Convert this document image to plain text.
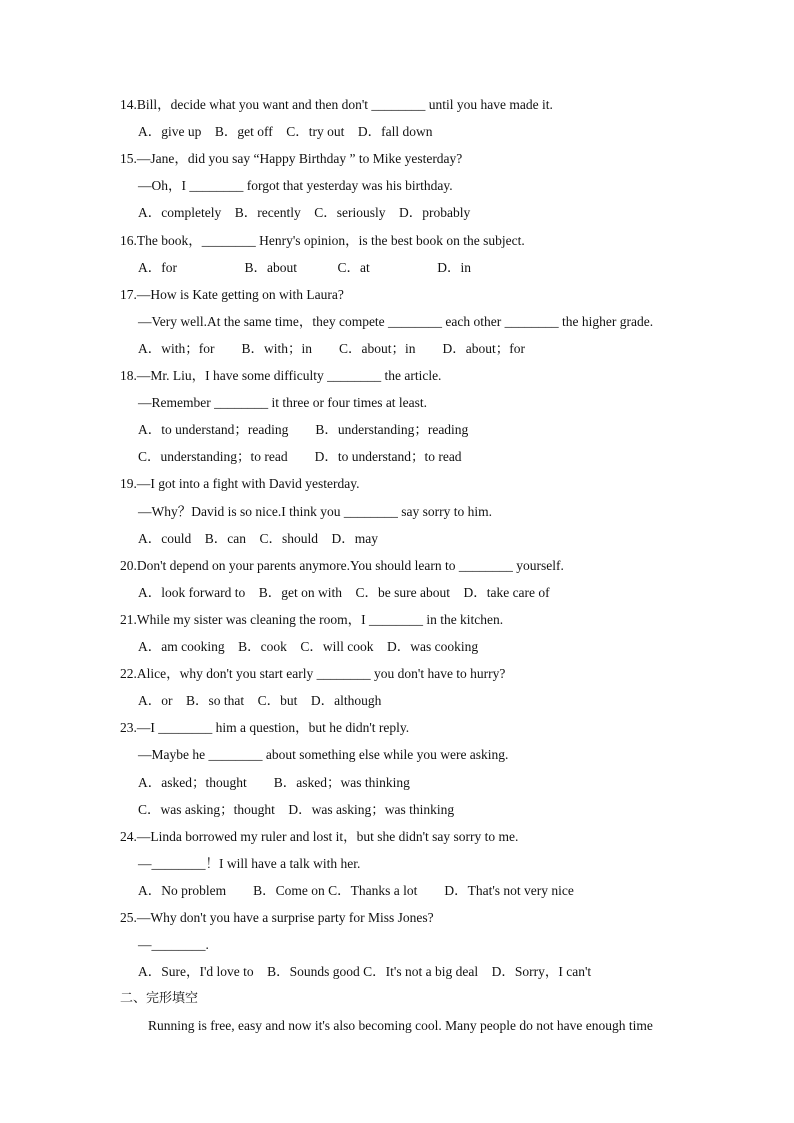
14.Bill，decide what you want and then don't ________ until you have made it.
A．give up　B．get off　C．try out　D．fall down
15.—Jane，did you say “Happy Birthday ” to Mike yesterday?
—Oh，I ________ forgot that yesterday was his birthday.
A．completely　B．recently　C．seriously　D．probably
16.The book，________ Henry's opinion，is the best book on the subject.
A．for　　　　　B．about　　　C．at　　　　　D．in
17.—How is Kate getting on with Laura?
—Very well.At the same time，they compete ________ each other ________ the higher grade.
A．with；for　　B．with；in　　C．about；in　　D．about；for
18.—Mr. Liu，I have some difficulty ________ the article.
—Remember ________ it three or four times at least.
A．to understand；reading　　B．understanding；reading
C．understanding；to read　　D．to understand；to read
19.—I got into a fight with David yesterday.
—Why？David is so nice.I think you ________ say sorry to him.
A．could　B．can　C．should　D．may
20.Don't depend on your parents anymore.You should learn to ________ yourself.
A．look forward to　B．get on with　C．be sure about　D．take care of
21.While my sister was cleaning the room，I ________ in the kitchen.
A．am cooking　B．cook　C．will cook　D．was cooking
22.Alice，why don't you start early ________ you don't have to hurry?
A．or　B．so that　C．but　D．although
23.—I ________ him a question，but he didn't reply.
—Maybe he ________ about something else while you were asking.
A．asked；thought　　B．asked；was thinking
C．was asking；thought　D．was asking；was thinking
24.—Linda borrowed my ruler and lost it，but she didn't say sorry to me.
—________！I will have a talk with her.
A．No problem　　B．Come on C．Thanks a lot　　D．That's not very nice
25.—Why don't you have a surprise party for Miss Jones?
—________.
A．Sure，I'd love to　B．Sounds good C．It's not a big deal　D．Sorry，I can't
二、完形填空
Running is free, easy and now it's also becoming cool. Many people do not have enough time
